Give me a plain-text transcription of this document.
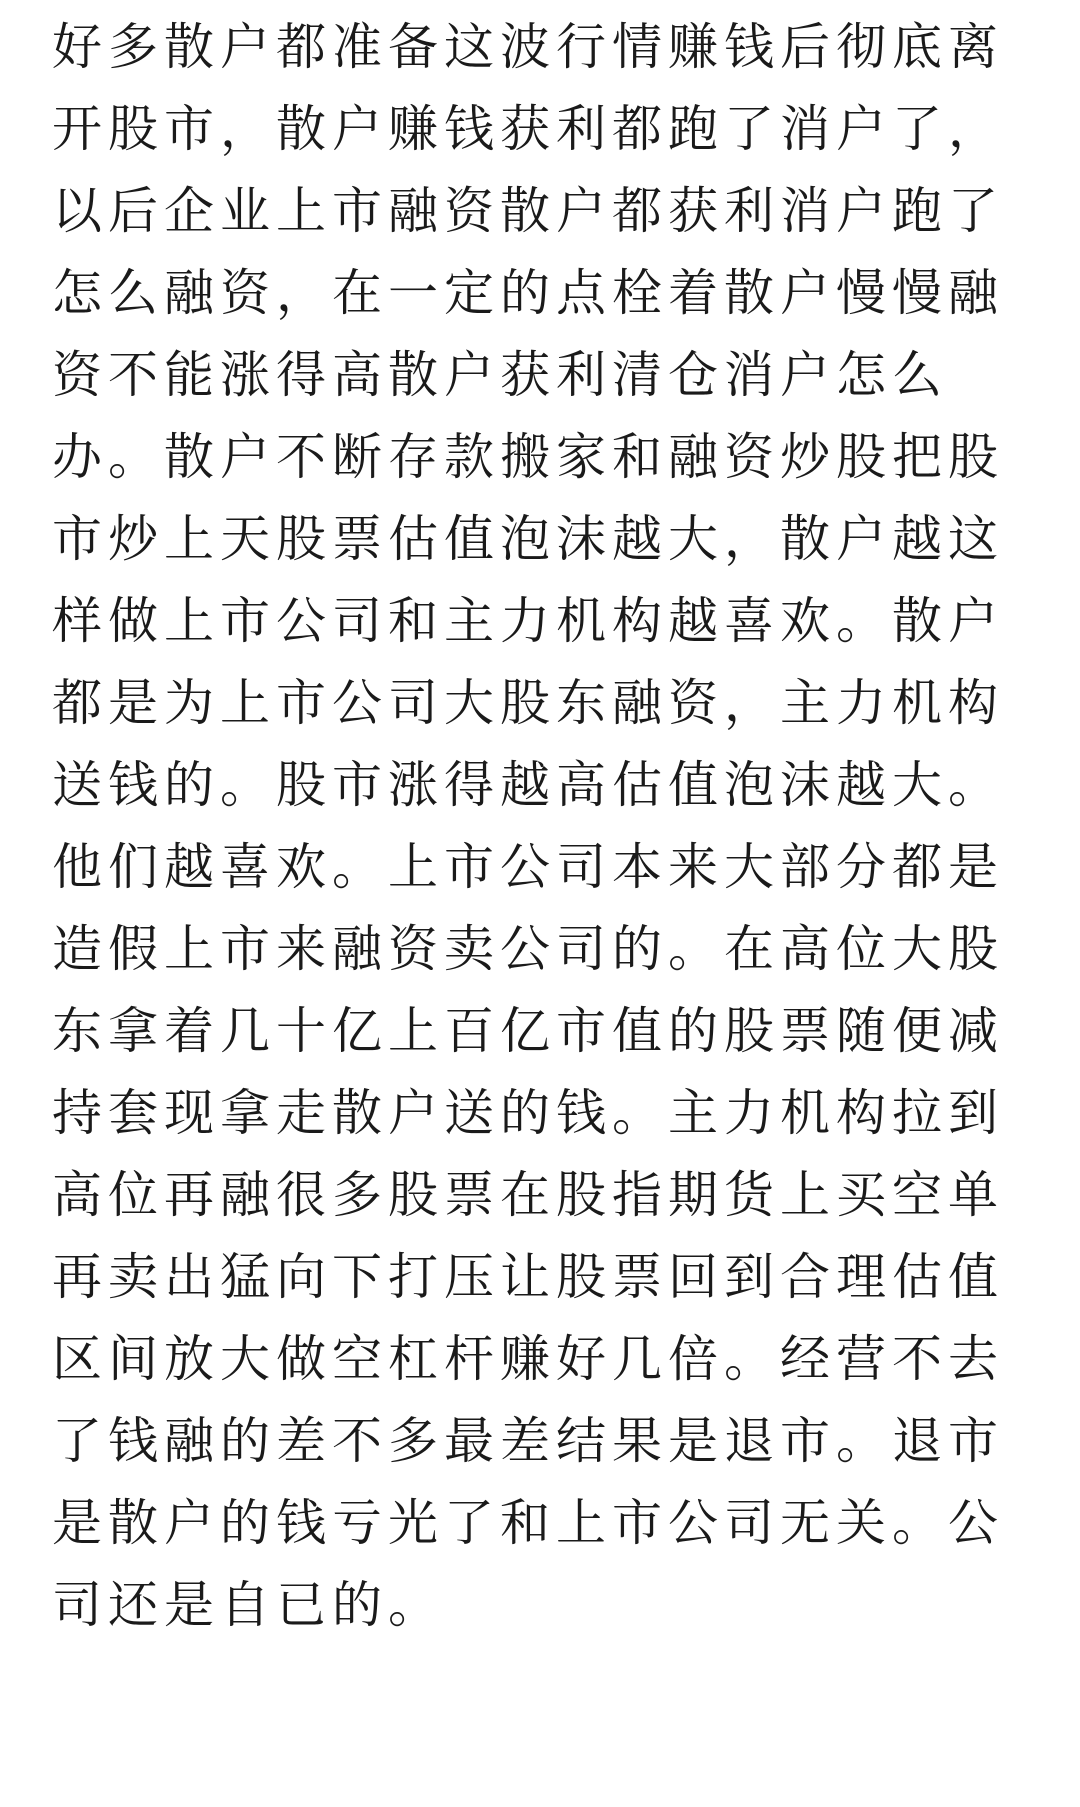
好多散户都准备这波行情赚钱后彻底离
开股市，散户赚钱获利都跑了消户了，
以后企业上市融资散户都获利消户跑了
怎么融资，在一定的点栓着散户慢慢融
资不能涨得高散户获利清仓消户怎么
办。散户不断存款搬家和融资炒股把股
市炒上天股票估值泡沫越大，散户越这
样做上市公司和主力机构越喜欢。散户
都是为上市公司大股东融资，主力机构
送钱的。股市涨得越高估值泡沫越大。
他们越喜欢。上市公司本来大部分都是
造假上市来融资卖公司的。在高位大股
东拿着几十亿上百亿市值的股票随便减
持套现拿走散户送的钱。主力机构拉到
高位再融很多股票在股指期货上买空单
再卖出猛向下打压让股票回到合理估值
区间放大做空杠杆赚好几倍。经营不去
了钱融的差不多最差结果是退市。退市
是散户的钱亏光了和上市公司无关。公
司还是自已的。
